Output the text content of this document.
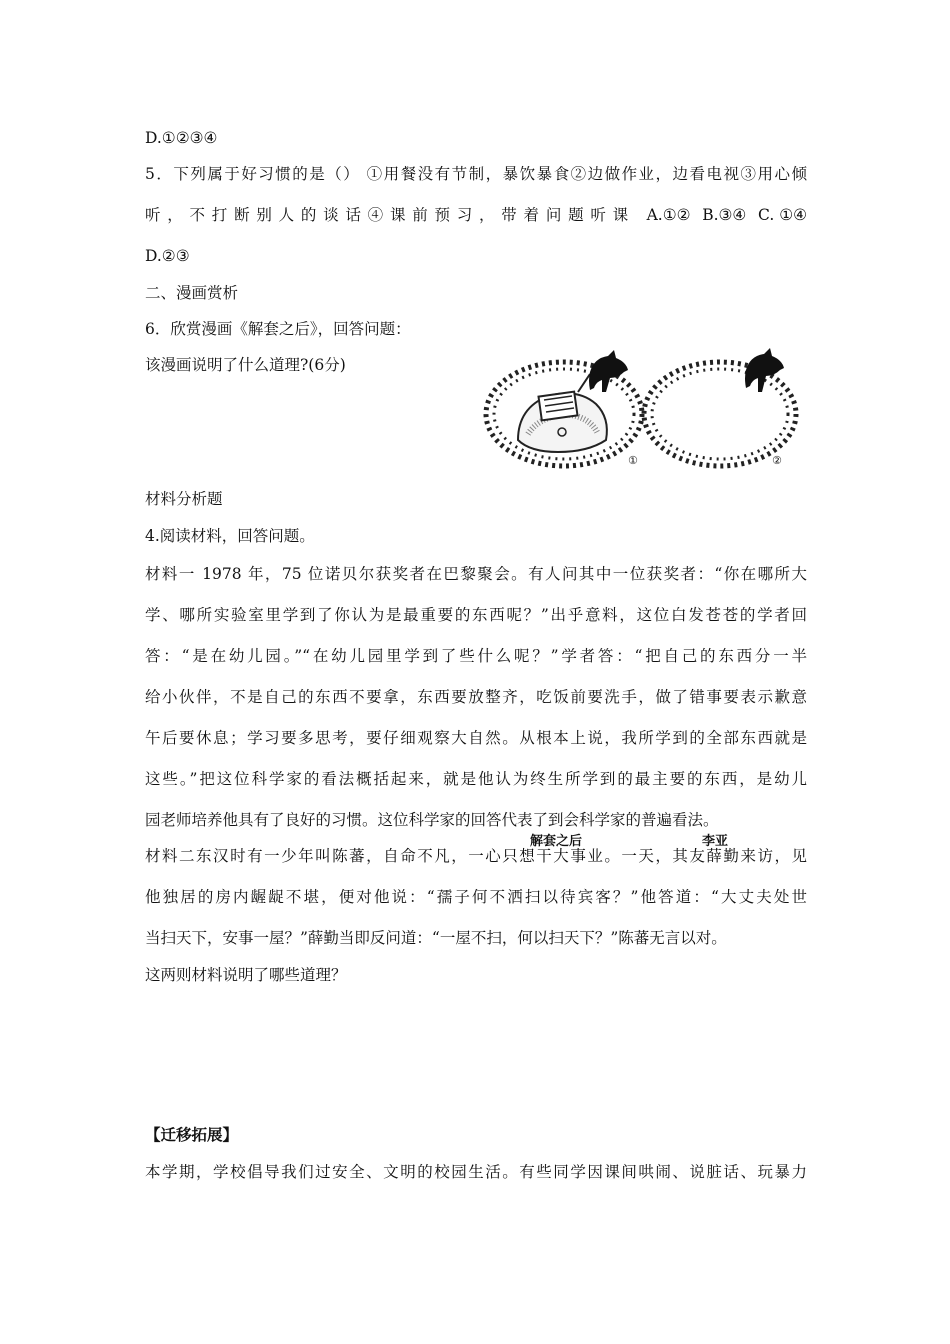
D.①②③④
5．下列属于好习惯的是（） ①用餐没有节制，暴饮暴食②边做作业，边看电视③用心倾
听，不打断别人的谈话④课前预习，带着问题听课 A.①② B.③④ C. ①④
D.②③
二、漫画赏析
6．欣赏漫画《解套之后》，回答问题：
该漫画说明了什么道理?(6分)
①	②
解套之后	李亚
材料分析题
4.阅读材料，回答问题。
材料一 1978 年，75 位诺贝尔获奖者在巴黎聚会。有人问其中一位获奖者：“你在哪所大
学、哪所实验室里学到了你认为是最重要的东西呢？”出乎意料，这位白发苍苍的学者回
答：“是在幼儿园。”“在幼儿园里学到了些什么呢？”学者答：“把自己的东西分一半
给小伙伴，不是自己的东西不要拿，东西要放整齐，吃饭前要洗手，做了错事要表示歉意
午后要休息；学习要多思考，要仔细观察大自然。从根本上说，我所学到的全部东西就是
这些。”把这位科学家的看法概括起来，就是他认为终生所学到的最主要的东西，是幼儿
园老师培养他具有了良好的习惯。这位科学家的回答代表了到会科学家的普遍看法。
材料二东汉时有一少年叫陈蕃，自命不凡，一心只想干大事业。一天，其友薛勤来访，见
他独居的房内龌龊不堪，便对他说：“孺子何不洒扫以待宾客？”他答道：“大丈夫处世
当扫天下，安事一屋？”薛勤当即反问道：“一屋不扫，何以扫天下？”陈蕃无言以对。
这两则材料说明了哪些道理？
【迁移拓展】
本学期，学校倡导我们过安全、文明的校园生活。有些同学因课间哄闹、说脏话、玩暴力
